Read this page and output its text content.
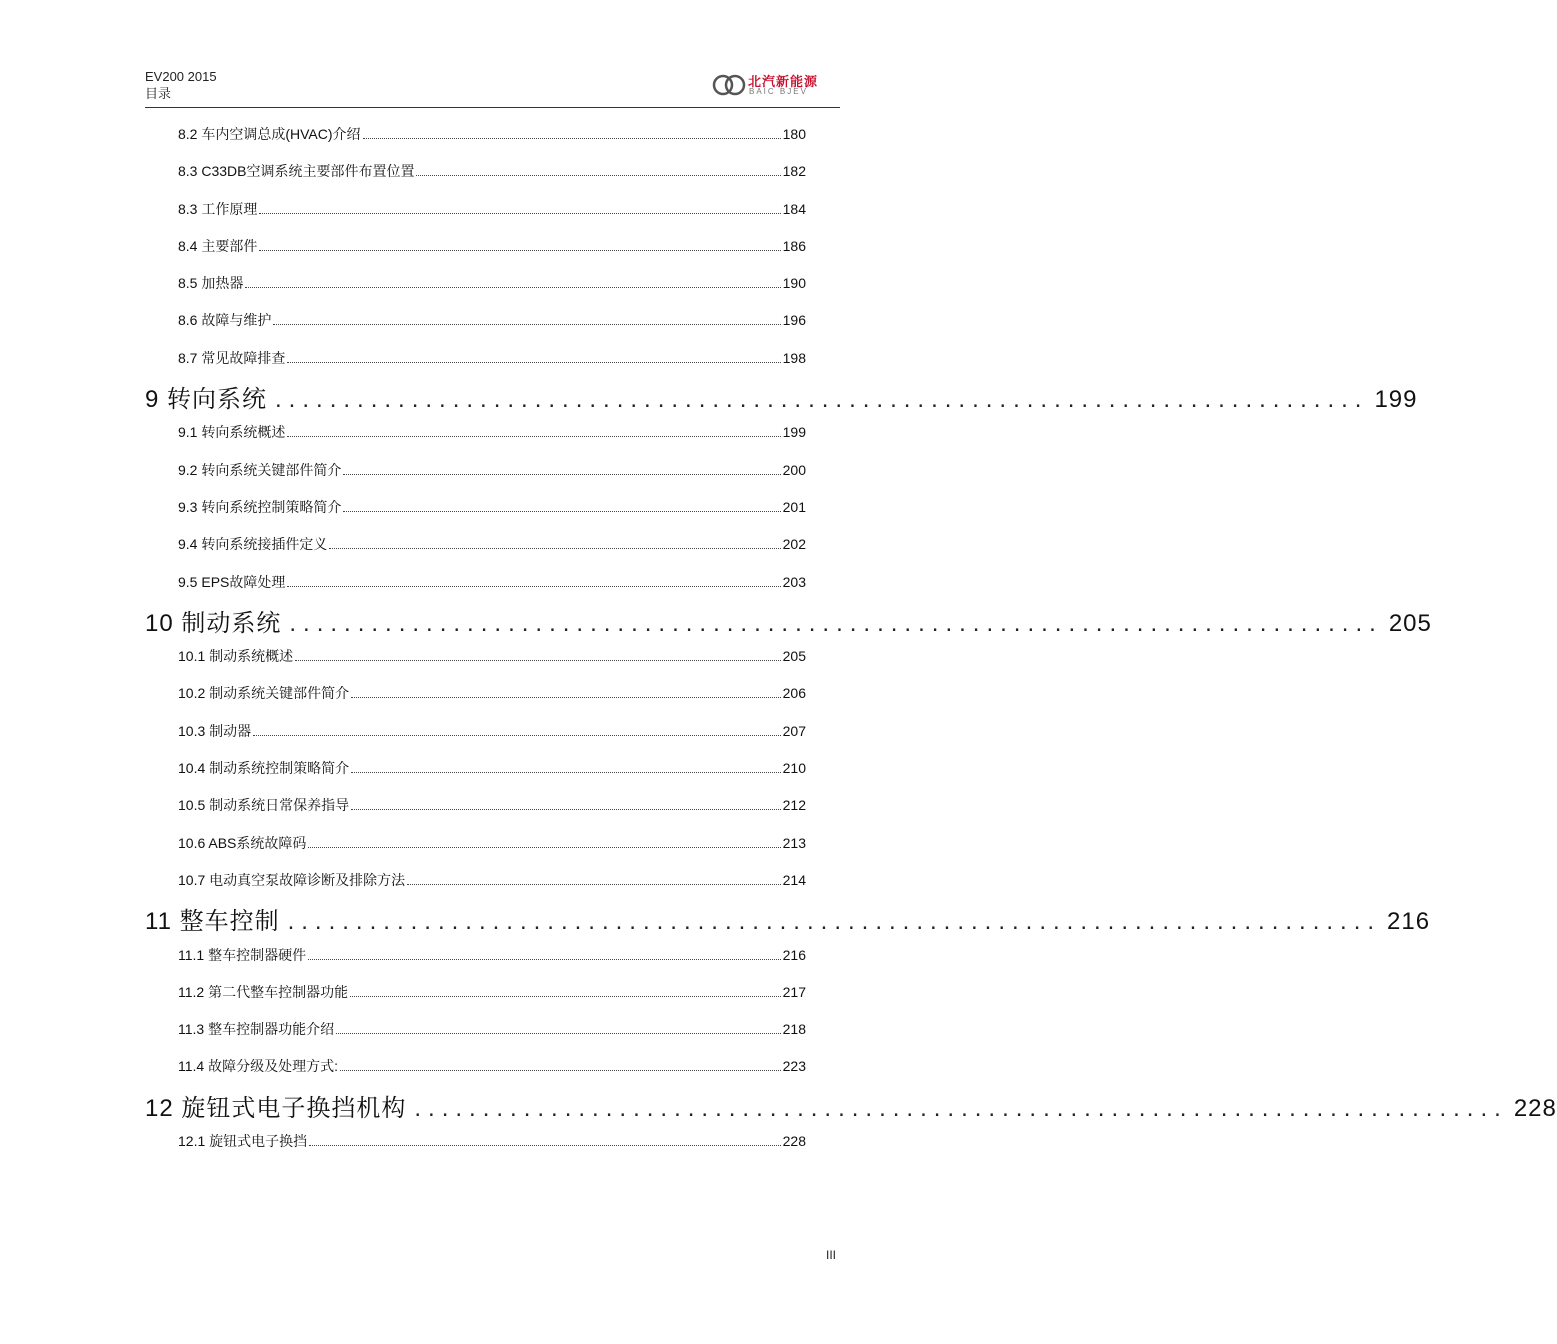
EV200 2015
目录
北汽新能源
BAIC BJEV
8.2 车内空调总成(HVAC)介绍	180
8.3 C33DB空调系统主要部件布置位置	182
8.3 工作原理	184
8.4 主要部件	186
8.5 加热器	190
8.6 故障与维护	196
8.7 常见故障排查	198
9 转向系统 ................................................................................ 199
9.1 转向系统概述	199
9.2 转向系统关键部件简介	200
9.3 转向系统控制策略简介	201
9.4 转向系统接插件定义	202
9.5 EPS故障处理	203
10 制动系统 ................................................................................ 205
10.1 制动系统概述	205
10.2 制动系统关键部件简介	206
10.3 制动器	207
10.4 制动系统控制策略简介	210
10.5 制动系统日常保养指导	212
10.6 ABS系统故障码	213
10.7 电动真空泵故障诊断及排除方法	214
11 整车控制 ................................................................................ 216
11.1 整车控制器硬件	216
11.2 第二代整车控制器功能	217
11.3 整车控制器功能介绍	218
11.4 故障分级及处理方式:	223
12 旋钮式电子换挡机构 ................................................................................ 228
12.1 旋钮式电子换挡	228
III
